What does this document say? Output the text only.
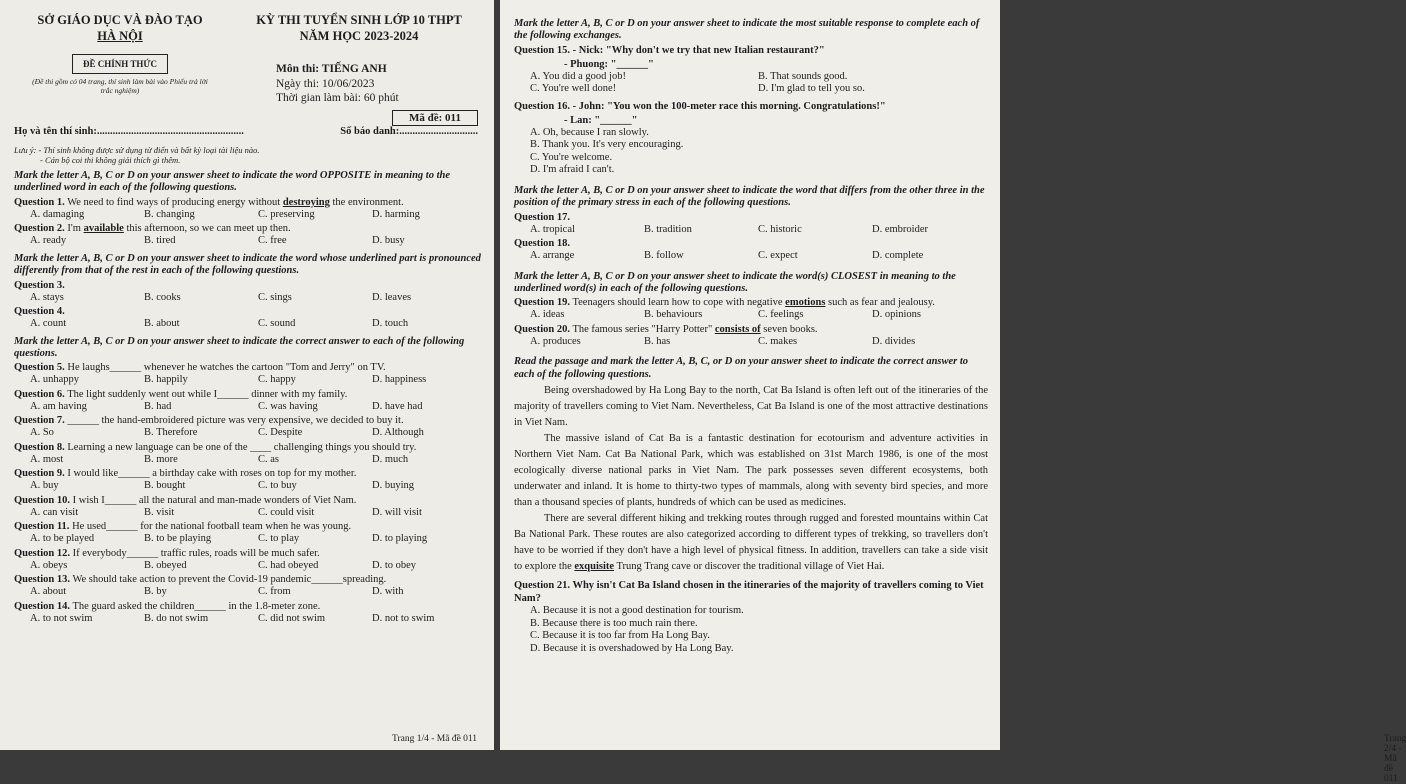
SỞ GIÁO DỤC VÀ ĐÀO TẠO
HÀ NỘI
ĐỀ CHÍNH THỨC
(Đề thi gồm có 04 trang, thí sinh làm bài vào Phiếu trả lời trắc nghiệm)
KỲ THI TUYỂN SINH LỚP 10 THPT
NĂM HỌC 2023-2024
Môn thi: TIẾNG ANH
Ngày thi: 10/06/2023
Thời gian làm bài: 60 phút
Mã đề: 011
Họ và tên thí sinh:........................................................	Số báo danh:..............................
Lưu ý: - Thí sinh không được sử dụng từ điển và bất kỳ loại tài liệu nào.
- Cán bộ coi thi không giải thích gì thêm.
Mark the letter A, B, C or D on your answer sheet to indicate the word OPPOSITE in meaning to the underlined word in each of the following questions.
Question 1. We need to find ways of producing energy without destroying the environment.
A. damaging	B. changing	C. preserving	D. harming
Question 2. I'm available this afternoon, so we can meet up then.
A. ready	B. tired	C. free	D. busy
Mark the letter A, B, C or D on your answer sheet to indicate the word whose underlined part is pronounced differently from that of the rest in each of the following questions.
Question 3.
A. stays	B. cooks	C. sings	D. leaves
Question 4.
A. count	B. about	C. sound	D. touch
Mark the letter A, B, C or D on your answer sheet to indicate the correct answer to each of the following questions.
Question 5. He laughs______ whenever he watches the cartoon "Tom and Jerry" on TV.
A. unhappy	B. happily	C. happy	D. happiness
Question 6. The light suddenly went out while I______ dinner with my family.
A. am having	B. had	C. was having	D. have had
Question 7. ______ the hand-embroidered picture was very expensive, we decided to buy it.
A. So	B. Therefore	C. Despite	D. Although
Question 8. Learning a new language can be one of the ____ challenging things you should try.
A. most	B. more	C. as	D. much
Question 9. I would like______ a birthday cake with roses on top for my mother.
A. buy	B. bought	C. to buy	D. buying
Question 10. I wish I______ all the natural and man-made wonders of Viet Nam.
A. can visit	B. visit	C. could visit	D. will visit
Question 11. He used______ for the national football team when he was young.
A. to be played	B. to be playing	C. to play	D. to playing
Question 12. If everybody______ traffic rules, roads will be much safer.
A. obeys	B. obeyed	C. had obeyed	D. to obey
Question 13. We should take action to prevent the Covid-19 pandemic______spreading.
A. about	B. by	C. from	D. with
Question 14. The guard asked the children______ in the 1.8-meter zone.
A. to not swim	B. do not swim	C. did not swim	D. not to swim
Trang 1/4 - Mã đề 011
Mark the letter A, B, C or D on your answer sheet to indicate the most suitable response to complete each of the following exchanges.
Question 15. - Nick: "Why don't we try that new Italian restaurant?"
- Phuong: "______"
A. You did a good job!	B. That sounds good.
C. You're well done!	D. I'm glad to tell you so.
Question 16. - John: "You won the 100-meter race this morning. Congratulations!"
- Lan: "______"
A. Oh, because I ran slowly.
B. Thank you. It's very encouraging.
C. You're welcome.
D. I'm afraid I can't.
Mark the letter A, B, C or D on your answer sheet to indicate the word that differs from the other three in the position of the primary stress in each of the following questions.
Question 17.
A. tropical	B. tradition	C. historic	D. embroider
Question 18.
A. arrange	B. follow	C. expect	D. complete
Mark the letter A, B, C or D on your answer sheet to indicate the word(s) CLOSEST in meaning to the underlined word(s) in each of the following questions.
Question 19. Teenagers should learn how to cope with negative emotions such as fear and jealousy.
A. ideas	B. behaviours	C. feelings	D. opinions
Question 20. The famous series "Harry Potter" consists of seven books.
A. produces	B. has	C. makes	D. divides
Read the passage and mark the letter A, B, C, or D on your answer sheet to indicate the correct answer to each of the following questions.

Being overshadowed by Ha Long Bay to the north, Cat Ba Island is often left out of the itineraries of the majority of travellers coming to Viet Nam. Nevertheless, Cat Ba Island is one of the most attractive destinations in Viet Nam.

The massive island of Cat Ba is a fantastic destination for ecotourism and adventure activities in Northern Viet Nam. Cat Ba National Park, which was established on 31st March 1986, is one of the most ecologically diverse national parks in Viet Nam. The park possesses seven different ecosystems, both underwater and inland. It is home to thirty-two types of mammals, along with seventy bird species, and more than a thousand species of plants, hundreds of which can be used as medicines.

There are several different hiking and trekking routes through rugged and forested mountains within Cat Ba National Park. These routes are also categorized according to different types of trekking, so travellers don't have to be worried if they don't have a high level of physical fitness. In addition, travellers can take a side visit to explore the exquisite Trung Trang cave or discover the traditional village of Viet Hai.

Question 21. Why isn't Cat Ba Island chosen in the itineraries of the majority of travellers coming to Viet Nam?
A. Because it is not a good destination for tourism.
B. Because there is too much rain there.
C. Because it is too far from Ha Long Bay.
D. Because it is overshadowed by Ha Long Bay.
Trang 2/4 - Mã đề 011
